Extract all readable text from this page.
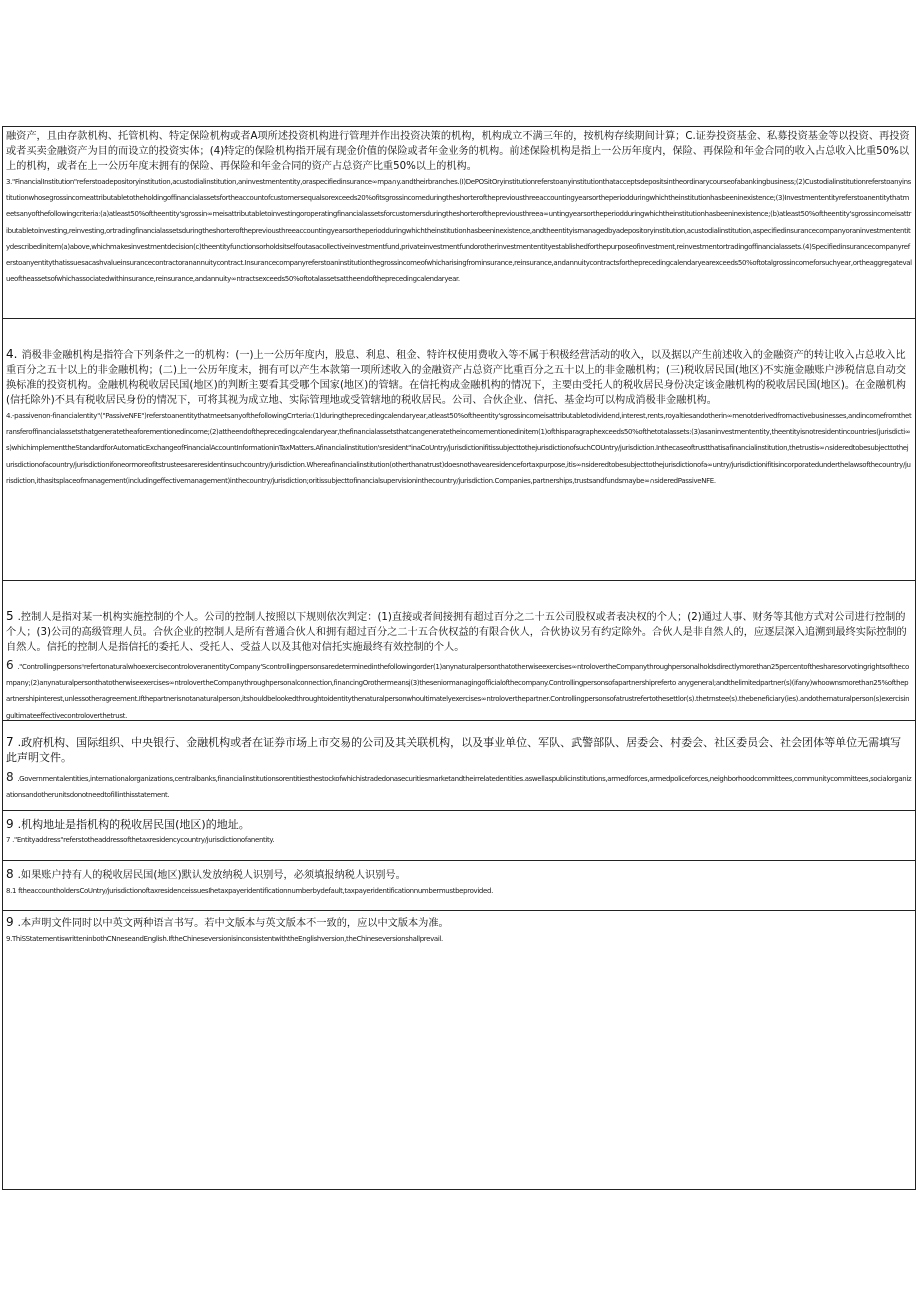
融资产，且由存款机构、托管机构、特定保险机构或者A项所述投资机构进行管理并作出投资决策的机构，机构成立不满三年的，按机构存续期间计算；C.证券投资基金、私募投资基金等以投资、再投资或者买卖金融资产为目的而设立的投资实体；(4)特定的保险机构指开展有现金价值的保险或者年金业务的机构。前述保险机构是指上一公历年度内，保险、再保险和年金合同的收入占总收入比重50%以上的机构，或者在上一公历年度末拥有的保险、再保险和年金合同的资产占总资产比重50%以上的机构。

3."FinancialInstitution"referstoadepositoryinstitution,acustodialinstitution,aninvestmententity,oraspecifiedinsurance∞mpa∩y.andtheirbranches.(I)DePOSitOryinstitutionreferstoanyinstitutionthatacceptsdepositsintheordinarycourseofabankingbusiness;(2)Custodialinstitutionreferstoanyinstitutionwhosegrossincomeattributabletotheholdingoffinancialassetsfortheaccountofcustomersequalsorexceeds20%ofitsgrossincomeduringtheshorterofthepreviousthreeaccountingyearsortheperiodduringwhichtheinstitutionhasbeeninexistence;(3)Investmententityreferstoanentitythatmeetsanyofthefollowingcriteria:(a)atleast50%oftheentity'sgrossin∞meisattributabletoinvestingoroperatingfinancialassetsforcustomersduringtheshorterofthepreviousthreea∞untingyearsortheperiodduringwhichtheinstitutionhasbeeninexistence;(b)atleast50%oftheentity'sgrossincomeisattributabletoinvesting,reinvesting,ortradingfinancialassetsduringtheshorterofthepreviousthreeaccountingyearsortheperiodduringwhichtheinstitutionhasbeeninexistence,andtheentityismanagedbyadepositoryinstitution,acustodialinstitution,aspecifiedinsurancecompanyoraninvestmententitydescribedinitem(a)above,whichmakesinvestmentdecision(c)theentityfunctionsorholdsitselfoutasacollectiveinvestmentfund,privateinvestmentfundorotherinvestmententityestablishedforthepurposeofinvestment,reinvestmentortradingoffinancialassets.(4)Specifiedinsurancecompanyreferstoanyentitythatissuesacashvalueinsurancecontractoranannuitycontract.Insurancecompanyreferstoaninstitutionthegrossincomeofwhicharisingfrominsurance,reinsurance,andannuitycontractsfortheprecedingcalendaryearexceeds50%oftotalgrossincomeforsuchyear,ortheaggregatevalueoftheassetsofwhichassociatedwithinsurance,reinsurance,andannuity∞ntractsexceeds50%oftotalassetsattheendoftheprecedingcalendaryear.

4. 消极非金融机构是指符合下列条件之一的机构：(一)上一公历年度内，股息、利息、租金、特许权使用费收入等不属于积极经营活动的收入，以及据以产生前述收入的金融资产的转让收入占总收入比重百分之五十以上的非金融机构；(二)上一公历年度末，拥有可以产生本款第一项所述收入的金融资产占总资产比重百分之五十以上的非金融机构；(三)税收居民国(地区)不实施金融账户涉税信息自动交换标准的投资机构。金融机构税收居民国(地区)的判断主要看其受哪个国家(地区)的管辖。在信托构成金融机构的情况下，主要由受托人的税收居民身份决定该金融机构的税收居民国(地区)。在金融机构(信托除外)不具有税收居民身份的情况下，可将其视为成立地、实际管理地或受管辖地的税收居民。公司、合伙企业、信托、基金均可以构成消极非金融机构。

4.-passivenon-financialentity"("PassiveNFE")referstoanentitythatmeetsanyofthefollowingCrrteria:(1)duringtheprecedingcalendaryear,atleast50%oftheentity'sgrossincomeisattributabletodividend,interest,rents,royaltiesandotherin∞menotderivedfromactivebusinesses,andincomefromthetransferoffinancialassetsthatgeneratetheaforementionedincome;(2)attheendoftheprecedingcalendaryear,thefinancialassetsthatcangeneratetheincomementionedinitem(1)ofthisparagraphexceeds50%ofthetotalassets:(3)asaninvestmententity,theentityisnotresidentincountries(jurisdicti∞s)whichimplementtheStandardforAutomaticExchangeofFinancialAccountInformationinTaxMatters.Afinancialinstitution'sresident"inaCoUntry/jurisdictionifitissubjecttothejurisdictionofsuchCOUntry/jurisdiction.Inthecaseoftrustthatisafinancialinstitution,thetrustis∞∩sideredtobesubjecttothejurisdictionofacountry/jurisdictionifoneormoreofitstrusteesareresidentinsuchcountry/jurisdiction.Whereafinancialinstitution(otherthanatrust)doesnothavearesidencefortaxpurpose,itis∞nsideredtobesubjecttothejurisdictionofa∞untry/jurisdictionifitisincorporatedunderthelawsofthecountry/jurisdiction,ithasitsplaceofmanagement(includingeffectivemanagement)inthecountry/jurisdiction;oritissubjecttofinancialsupervisioninthecountry/jurisdiction.Companies,partnerships,trustsandfundsmaybe∞∩sideredPassiveNFE.

5 .控制人是指对某一机构实施控制的个人。公司的控制人按照以下规则依次判定：(1)直接或者间接拥有超过百分之二十五公司股权或者表决权的个人；(2)通过人事、财务等其他方式对公司进行控制的个人；(3)公司的高级管理人员。合伙企业的控制人是所有普通合伙人和拥有超过百分之二十五合伙权益的有限合伙人，合伙协议另有约定除外。合伙人是非自然人的，应逐层深入追溯到最终实际控制的自然人。信托的控制人是指信托的委托人、受托人、受益人以及其他对信托实施最终有效控制的个人。

6 ."ControllingpersonsⁿrefertonaturalwhoexercisecontroloveranentityCompany'Scontrollingpersonsaredeterminedinthefollowingorder(1)anynaturalpersonthatotherwiseexercises∞ntrolovertheCompanythroughpersonalholdsdirectlymorethan25percentofthesharesorvotingrightsofthecompany;(2)anynaturalpersonthatotherwiseexercises∞ntrolovertheCompanythroughpersonalconnection,financingOrothermeansj(3)theseniormanagingofficialofthecompany.Controllingpersonsofapartnershipreferto anygeneral;andthelimitedpartner(s)(ifany)whoownsmorethan25%ofthepartnershipinterest,unlessotheragreement.Ifthepartnerisnotanaturalperson,itshouldbelookedthroughtoidentitythenaturalpersonwhoultimatelyexercises∞ntroloverthepartner.Controllingpersonsofatrustrefertothesettlor(s).thetrnstee(s).thebeneficiary(ies).andothernaturalperson(s)exercisingultimateeffectivecontroloverthetrust.

7 .政府机构、国际组织、中央银行、金融机构或者在证券市场上市交易的公司及其关联机构，以及事业单位、军队、武警部队、居委会、村委会、社区委员会、社会团体等单位无需填写此声明文件。

8 .Governmentalentities,internationalorganizations,centralbanks,financialinstitutionsorentitiesthestockofwhichistradedonasecuritiesmarketandtheirrelatedentities.aswellaspublicinstitutions,armedforces,armedpoliceforces,neighborhoodcommittees,communitycommittees,socialorganizationsandotherunitsdonotneedtofillinthisstatement.

9 .机构地址是指机构的税收居民国(地区)的地址。

7 ."Entityaddress"referstotheaddressofthetaxresidencycountry/jurisdictionofanentity.

8 .如果账户持有人的税收居民国(地区)默认发放纳税人识别号，必须填报纳税人识别号。

8.1 ftheaccountholdersCoUntry/jurisdictionoftaxresidenceissuesIhetaxpayeridentificationnumberbydefault,taxpayeridentificationnumbermustbeprovided.

9 .本声明文件同时以中英文两种语言书写。若中文版本与英文版本不一致的，应以中文版本为准。

9.ThiSStatementiswritteninbothCNneseandEnglish.IftheChineseversionisinconsistentwiththeEnglishversion,theChineseversionshallprevail.
